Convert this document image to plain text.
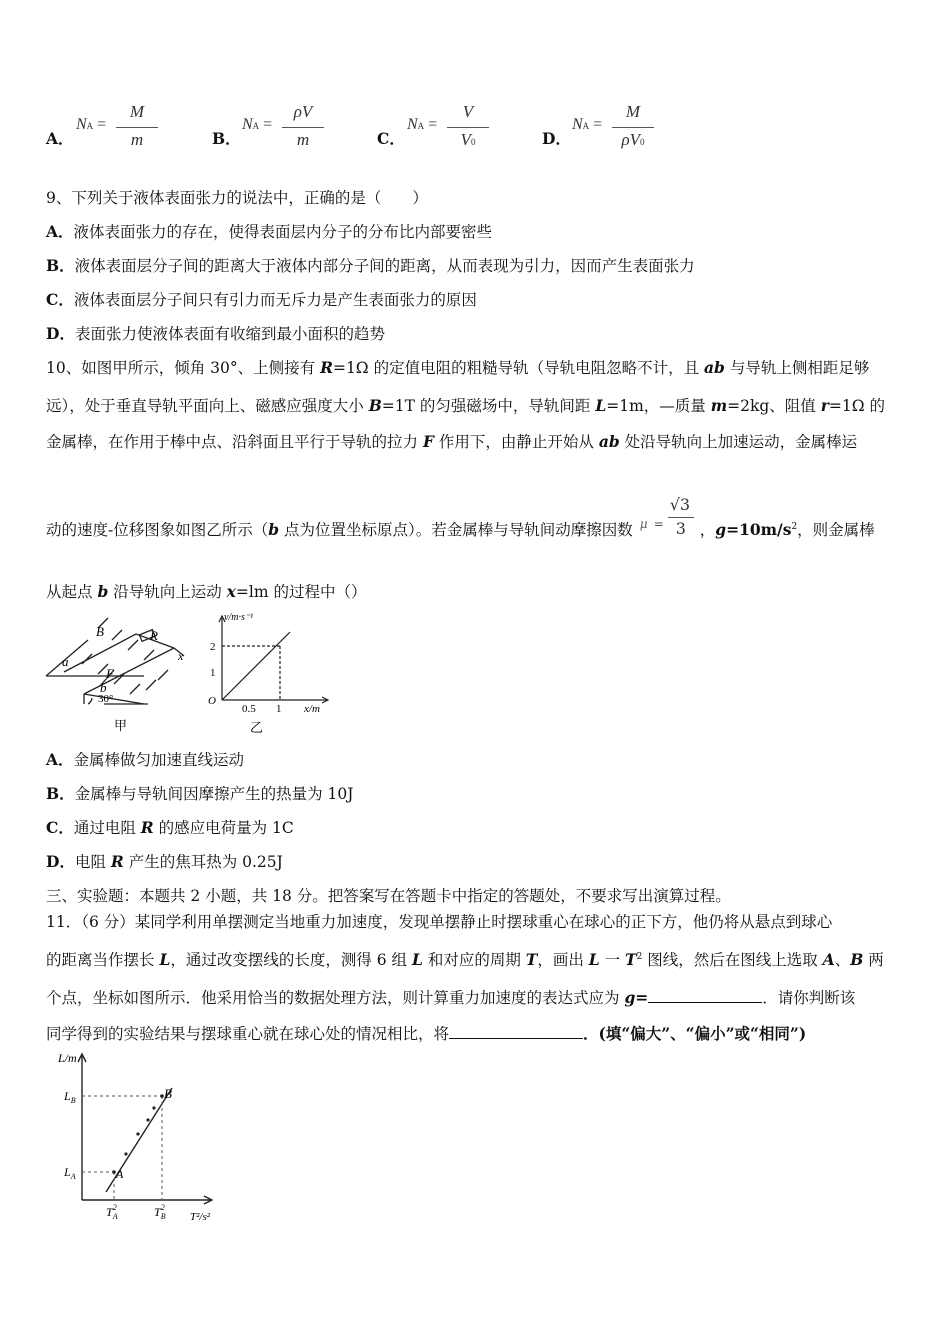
A．
NA =
M
m	B．
NA =
ρV
m	C．
NA =
V
V0	D．
NA =
M
ρV0
9、下列关于液体表面张力的说法中，正确的是（　　）
A．液体表面张力的存在，使得表面层内分子的分布比内部要密些
B．液体表面层分子间的距离大于液体内部分子间的距离，从而表现为引力，因而产生表面张力
C．液体表面层分子间只有引力而无斥力是产生表面张力的原因
D．表面张力使液体表面有收缩到最小面积的趋势
10、如图甲所示，倾角 30°、上侧接有 R=1Ω 的定值电阻的粗糙导轨（导轨电阻忽略不计，且 ab 与导轨上侧相距足够
远），处于垂直导轨平面向上、磁感应强度大小 B=1T 的匀强磁场中，导轨间距 L=1m，—质量 m=2kg、阻值 r=1Ω 的
金属棒，在作用于棒中点、沿斜面且平行于导轨的拉力 F 作用下，由静止开始从 ab 处沿导轨向上加速运动，金属棒运
动的速度-位移图象如图乙所示（b 点为位置坐标原点）。若金属棒与导轨间动摩擦因数 μ =
√3
3 ，$g=10m/s^2$，则金属棒
从起点 b 沿导轨向上运动 x=lm 的过程中（）
B	R
a
F
b
x
30°
甲
v/m·s⁻¹
2
1
O
0.5 1 x/m
乙
A．金属棒做匀加速直线运动
B．金属棒与导轨间因摩擦产生的热量为 10J
C．通过电阻 R 的感应电荷量为 1C
D．电阻 R 产生的焦耳热为 0.25J
三、实验题：本题共 2 小题，共 18 分。把答案写在答题卡中指定的答题处，不要求写出演算过程。
11．（6 分）某同学利用单摆测定当地重力加速度，发现单摆静止时摆球重心在球心的正下方，他仍将从悬点到球心
的距离当作摆长 L，通过改变摆线的长度，测得 6 组 L 和对应的周期 T，画出 L 一 $T^2$ 图线，然后在图线上选取 A、B 两
个点，坐标如图所示．他采用恰当的数据处理方法，则计算重力加速度的表达式应为 g=	．请你判断该
同学得到的实验结果与摆球重心就在球心处的情况相比，将	．(填“偏大”、“偏小”或“相同”)
L/m
$L_B$
$L_A$	A
B
$T^2$ A	$T^2$ B T²/s²
